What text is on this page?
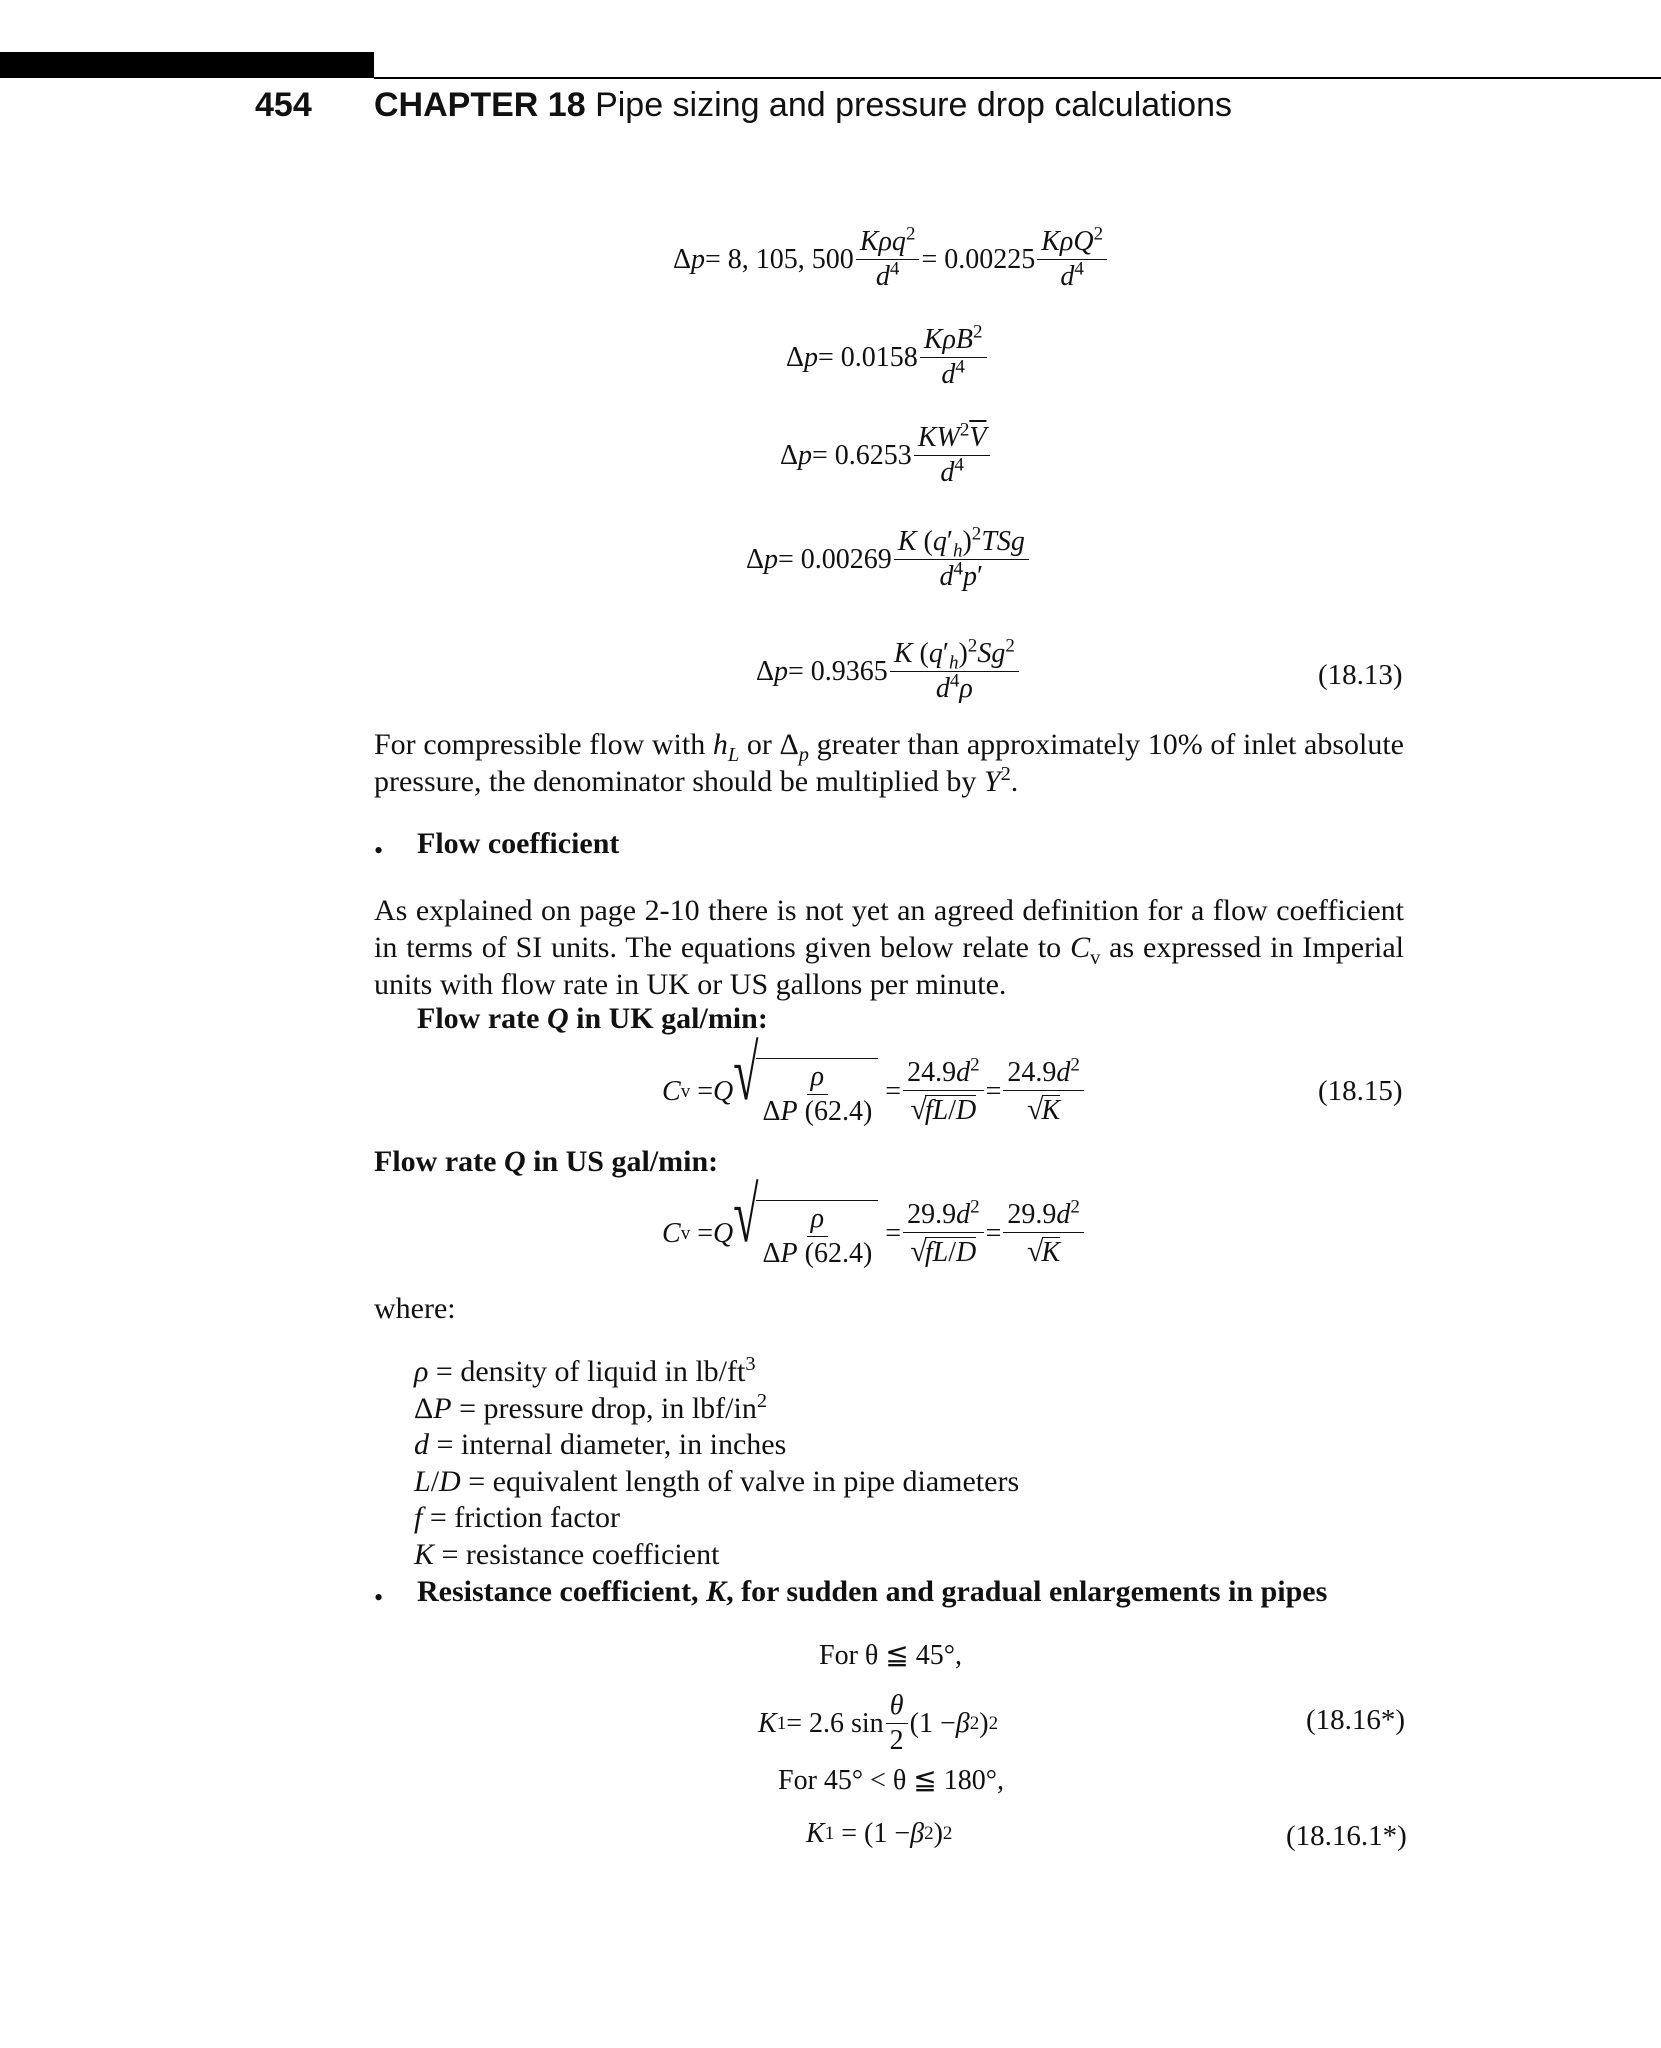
454 CHAPTER 18 Pipe sizing and pressure drop calculations
Δp = 8, 105, $500 \frac{K\rho q^2}{d^4} = 0.00225 \frac{K\rho Q^2}{d^4}$
$\Delta p = 0.0158 \frac{K\rho B^2}{d^4}$
$\Delta p = 0.6253 \frac{KW^2\overline{V}}{d^4}$
$\Delta p = 0.00269 \frac{K (q'_h)^2TSg}{d^4p'}$
$\Delta p = 0.9365 \frac{K (q'_h)^2Sg^2}{d^4\rho}$	(18.13)
For compressible flow with $h_L$ or $\Delta_p$ greater than approximately 10% of inlet absolute pressure, the denominator should be multiplied by $Y^2$.
• Flow coefficient
As explained on page 2-10 there is not yet an agreed definition for a flow coefficient in terms of SI units. The equations given below relate to $C_v$ as expressed in Imperial units with flow rate in UK or US gallons per minute.
Flow rate Q in UK gal/min:
C v = Q √ $\frac{\rho}{\Delta P (62.4)} = 24.9d^2$
√
fL / $D = 24.9d^2$
√
K	(18.15)
Flow rate Q in US gal/min:
C v = Q √ $\frac{\rho}{\Delta P (62.4)} = 29.9d^2$
√
fL / $D = 29.9d^2$
√
K
where:
ρ = density of liquid in $lb/ft^3$
ΔP = pressure drop, in lbf/$in^2$
d = internal diameter, in inches
L/D = equivalent length of valve in pipe diameters
f = friction factor
K = resistance coefficient
• Resistance coefficient, K, for sudden and gradual enlargements in pipes
For θ ≦ 45°,
K 1 = 2.6 $\sin \frac{\theta}{2} (1 - \beta$ 2 ) 2	(18.16*)
For 45° < θ ≦ 180°,
K 1 = (1 − β 2 ) 2	(18.16.1*)
